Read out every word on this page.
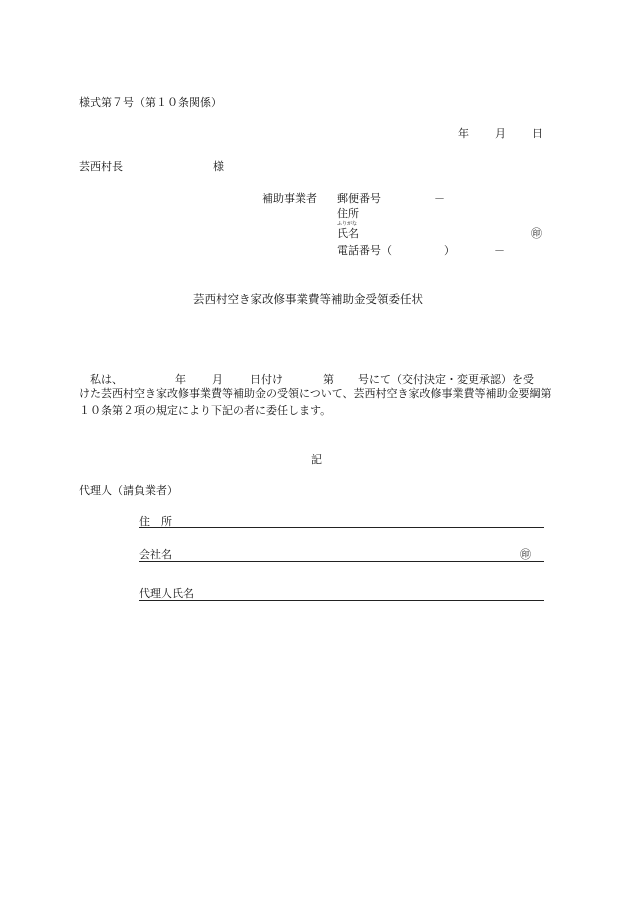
様式第７号（第１０条関係）
年 月 日
芸西村長	様
補助事業者 郵便番号	－
住所
ふりがな
氏名	㊞
電話番号（	）	－
芸西村空き家改修事業費等補助金受領委任状
私は、	年 月 日付け	第 号にて（交付決定・変更承認）を受
けた芸西村空き家改修事業費等補助金の受領について、芸西村空き家改修事業費等補助金要綱第１０条第２項の規定により下記の者に委任します。
記
代理人（請負業者）
住　所
会社名	㊞
代理人氏名
